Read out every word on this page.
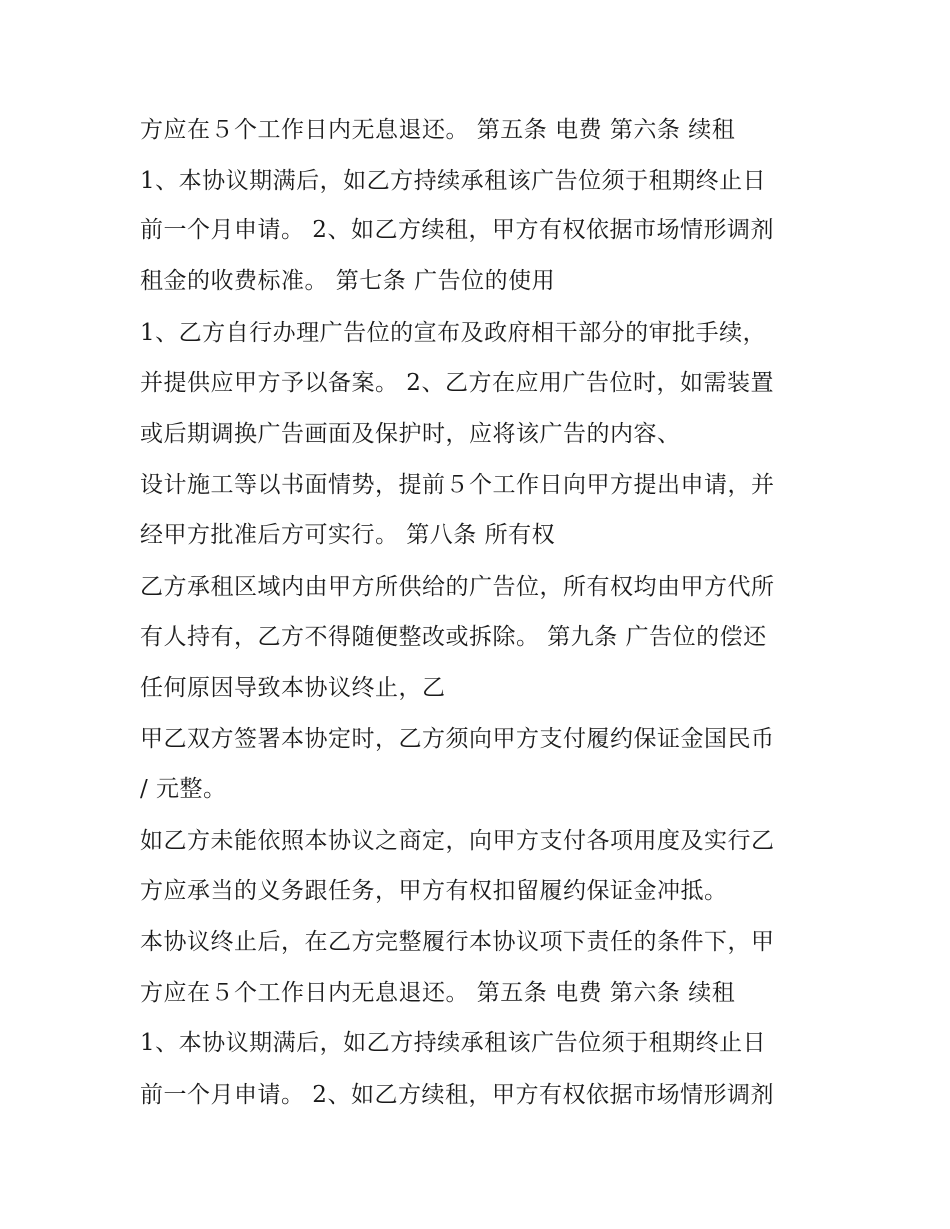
方应在５个工作日内无息退还。 第五条 电费 第六条 续租
1、本协议期满后，如乙方持续承租该广告位须于租期终止日
前一个月申请。 2、如乙方续租，甲方有权依据市场情形调剂
租金的收费标准。 第七条 广告位的使用
1、乙方自行办理广告位的宣布及政府相干部分的审批手续，
并提供应甲方予以备案。 2、乙方在应用广告位时，如需装置
或后期调换广告画面及保护时，应将该广告的内容、
设计施工等以书面情势，提前５个工作日向甲方提出申请，并
经甲方批准后方可实行。 第八条 所有权
乙方承租区域内由甲方所供给的广告位，所有权均由甲方代所
有人持有，乙方不得随便整改或拆除。 第九条 广告位的偿还
任何原因导致本协议终止，乙
甲乙双方签署本协定时，乙方须向甲方支付履约保证金国民币
/ 元整。
如乙方未能依照本协议之商定，向甲方支付各项用度及实行乙
方应承当的义务跟任务，甲方有权扣留履约保证金冲抵。
本协议终止后，在乙方完整履行本协议项下责任的条件下，甲
方应在５个工作日内无息退还。 第五条 电费 第六条 续租
1、本协议期满后，如乙方持续承租该广告位须于租期终止日
前一个月申请。 2、如乙方续租，甲方有权依据市场情形调剂
